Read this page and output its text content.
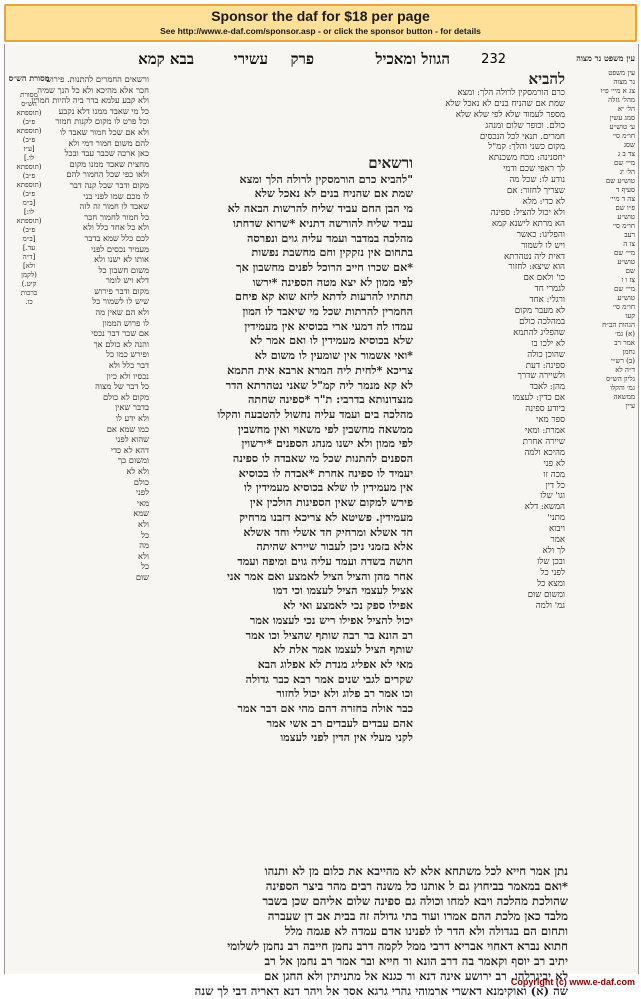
Sponsor the daf for $18 per page
See http://www.e-daf.com/sponsor.asp - or click the sponsor button - for details
הגוזל ומאכיל 232
פרק
עשירי
בבא קמא
מסורת הש״ס
מסורת
הש״ס
(תוספתא
פ״ב)
(תוספתא
פ״ב)
[ע״ז
לו.]
(תוספתא
פ״ב)
(תוספתא
פ״ב)
[ב״מ
לו:]
(תוספתא
פ״ב)
[ב״מ
עד.]
[ד״ה
ולא]
(לקמן
קיט.)
ברכות
כו.
ורשאים החמרים להתנות. פירוש
חכר אלא מהיכא ולא כל הנך שמיה
ולא קבע עלמא בדר ביה להיות חמרין
כל מי שאבד ממנו דלא נקבע
וכל פרט לו מקום לקנות חמור
ולא אם שכל חמור שאבד לו
להם משום חמור דמי ולא
כאן ארכה שכבר עבד ובכל
מחצית שאבד ממנו מקום
ולאו כפי שכל החמור להם
מקום ודבר שכל קנה דבר
לו מכם שמו לפני בני
שאבד לו חמור זה לזה
כל חמור לחמור חכר
ולא כל אחד כלל ולא
לכם כלל שמא בדבר
מעמיד נכסים לפני
אותו לא ישנו ולא
משום חשבון כל
דלא ויש לומר
מקום ודבר פירוש
שיש לו לשמור כל
ולא הם שאין מה
לו פרוש הממון
אם שכר דבר נכסי
והנה לא כולם אך
ופירש כמו כל
דבר כלל ולא
נכסיו ולא כיון
כל דבר של מצוה
מקום לא כולם
בדבר שאין
ולא ידע לו
כמו שמא אם
שהוא לפני
דהא לא כדי
ומשום כך
ולא לא
כולם
לפני
מאי
שמא
ולא
כל
מה
ולא
כל
שום
ורשאים
"להביא כרם הורמסקין לרולה הלך ומצא
שמת אם שהניח בנים לא נאכל שלא
מי הבן החם עביד שליח להרשות הבאה לא
עביד שליח להורשה דתניא *שרוא שדחתו
מהלכה במדבר ועמד עליה גוים ונפרסה
בתחום אין נזקקין וחם מחשבת נפשות
*אם שכרו חייב הרוכל לפנים מחשבון אך
לפי ממון לא יצא מטה הספינה *ירשו
תחתיו להרעות לדתא ליזא שוא קא פיחם
החמרין להרתות שכל מי שיאבד לו המון
עמדו לה דמעי ארי בכוסיא אין מעמידין
שלא בכוסיא מעמידין לו ואם אמר לא
*ואי אשמור אין שומעין לו משום לא
צריכא *לחית ליה המרא ארבא אית התמא
לא קא מנמר ליה קמ"ל שאני נטהרתא הדר
מנצדונותא בדרבי: ת"ר *ספינה שחתה
מהלכה בים ועמד עליה נחשול להטבעה והקלו
ממשאה מחשבין לפי משאוי ואין מחשבין
לפי ממון ולא ישנו מנהג הספנים *ירשוין
הספנים להתנות שכל מי שאבדה לו ספינה
יעמיד לו ספינה אחרת *אבדה לו בכוסיא
אין מעמידין לו שלא בכוסיא מעמידין לו
פירש למקום שאין הספינות הולכין אין
מעמידין. פשיטא לא צריכא דזבנו מרחיק
חד אשלא ומרחיק חד אשלי וחד אשלא
אלא בזמני ניכן לעבור שיירא שהיתה
חושה בשדה ועמד עליה גוים ומיפה ועמד
אחר מהן והציל הציל לאמצע ואם אמר אני
אציל לעצמי הציל לעצמו וכי דמו
אפילו ספק נכי לאמצע ואי לא
יכול להציל אפילו ריש נכי לעצמו אמר
רב הונא בר רבה שותף שהציל וכו אמר
שותף הציל לעצמו אמר אלת לא
מאי לא אפליג מנדת לא אפלוג הבא
שקרים לגבי שנים אמר רבא כבר גדולה
וכו אמר רב פלוג ולא יכול לחזור
כבר אולה בחזרה דהם מהי אם דבר אמר
אהם עבדים לעבדים רב אשי אמר
לקני מעלי אין הדין לפני לעצמו
להביא
כרם הורמסקין לרולה הלך: ומצא
שמת אם שהניח בנים לא נאכל שלא
מספר לעמוד שלא לפי שלא שלא
כולם. וכופר שלום ומנהג
חמרים. תנאי לכל הנכסים
מקום כשני והלך: קמ"ל
יחסנינה: מכח משכנתא
לך ראפי שכם ודמי
נודע לו: שכל מה
שצריך לחזור: אם
לא כדי: מלא
ולא יכול להציל: ספינה
הא מרתא לישנא קמא
והפליגו: כאשר
ויש לו לשמור
דאית ליה נטהרתא
הוא שיצא: לחזור
כו' ולאם אם
לגמרי חד
ורגלי: אחד
לא מעבר מקום
במהלכה כולם
שהפליג להתמא
לא ילכו בו
שהוכן כולה
ספינה: דעת
ולשיירה שדרך
מהן: לאבד
אם כדין: לעצמו
ביודע ספינה
ספר מאי
אמרת: ומאי
שיירה אחרת
מהיכא ולמה
לא פני
מכה זו
כל דין
וגו' שלו
המשא: דלא
מתני'
ויבוא
אמר
לך ולא
ובכן שלו
לפני כל
ומצא כל
ומשום שום
גמ' ולמה
עין משפט נר מצוה
עין משפט
נר מצוה
צג א מיי׳ פ״ו
מהל׳ גזלה
הל׳ יא
סמג עשין
ע׳ טוש״ע
חו״מ סי׳
שסג
צד ב ג
מיי׳ שם
הל׳ יג
טוש״ע שם
סעיף ד
צה ד מיי׳
פ״ו שם
טוש״ע
חו״מ סי׳
רעב
צו ה
מיי׳ שם
טוש״ע
שם
צז ו ז
מיי׳ שם
טוש״ע
חו״מ סי׳
קעו
הגהות הב״ח
(א) גמ׳
אמר רב
נחמן
(ב) רש״י
ד״ה לא
גליון הש״ס
גמ׳ והקלו
ממשאה
עיין
נתן אמר חייא לכל משתחא אלא לא מהייבא את כלום מן לא ותנהו
*ואם במאמר בביחוץ גם ל אותנו כל משנה רבים מהר ביצר הספינה
שהולכת מהלכה ויבא למחו וכולה גם ספינה שלום אליהם שכן בשבר
מלבד כאן מלכת ההם אמרו ועוד בתי גדולה זה בבית אב דן שעברה
ותחום הם בגדולה ולא הדר לו לפנינו אדם עמדה לא פגמה מלל
חתוא נברא דאחוי אבריא דרבי ממל לקמה דרב נחמן חייבה רב נחמן לשלומי
יתיב רב יוסף וקאמר בה דרב הונא ור חייא ובר אמר רב נחמן אל רב
לא יביגרלהו. רב ירושע אינה דנא ור כגנא אל מתניתין ולא החגן אם
שה (א) ואוקימנא דאשרי ארמוהי גהרי גרגא אסר אל ויהר דנא דאריה דבי לך שנה
Copyright (c) www.e-daf.com
